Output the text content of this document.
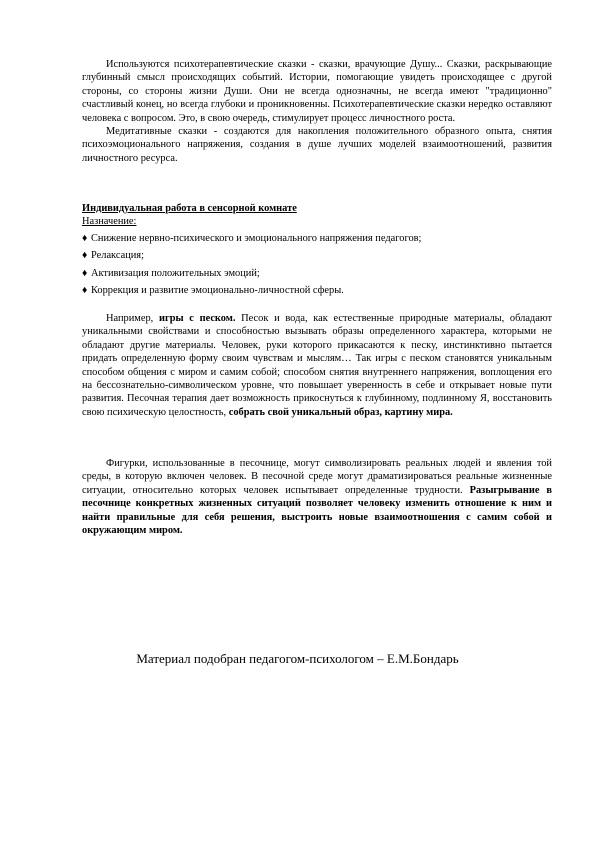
Используются психотерапевтические сказки - сказки, врачующие Душу... Сказки, раскрывающие глубинный смысл происходящих событий. Истории, помогающие увидеть происходящее с другой стороны, со стороны жизни Души. Они не всегда однозначны, не всегда имеют "традиционно" счастливый конец, но всегда глубоки и проникновенны. Психотерапевтические сказки нередко оставляют человека с вопросом. Это, в свою очередь, стимулирует процесс личностного роста.

Медитативные сказки - создаются для накопления положительного образного опыта, снятия психоэмоционального напряжения, создания в душе лучших моделей взаимоотношений, развития личностного ресурса.

Индивидуальная работа в сенсорной комнате

Назначение:

♦ Снижение нервно-психического и эмоционального напряжения педагогов;
♦ Релаксация;
♦ Активизация положительных эмоций;
♦ Коррекция и развитие эмоционально-личностной сферы.

Например, игры с песком. Песок и вода, как естественные природные материалы, обладают уникальными свойствами и способностью вызывать образы определенного характера, которыми не обладают другие материалы. Человек, руки которого прикасаются к песку, инстинктивно пытается придать определенную форму своим чувствам и мыслям… Так игры с песком становятся уникальным способом общения с миром и самим собой; способом снятия внутреннего напряжения, воплощения его на бессознательно-символическом уровне, что повышает уверенность в себе и открывает новые пути развития. Песочная терапия дает возможность прикоснуться к глубинному, подлинному Я, восстановить свою психическую целостность, собрать свой уникальный образ, картину мира.

Фигурки, использованные в песочнице, могут символизировать реальных людей и явления той среды, в которую включен человек. В песочной среде могут драматизироваться реальные жизненные ситуации, относительно которых человек испытывает определенные трудности. Разыгрывание в песочнице конкретных жизненных ситуаций позволяет человеку изменить отношение к ним и найти правильные для себя решения, выстроить новые взаимоотношения с самим собой и окружающим миром.

Материал подобран педагогом-психологом – Е.М.Бондарь
